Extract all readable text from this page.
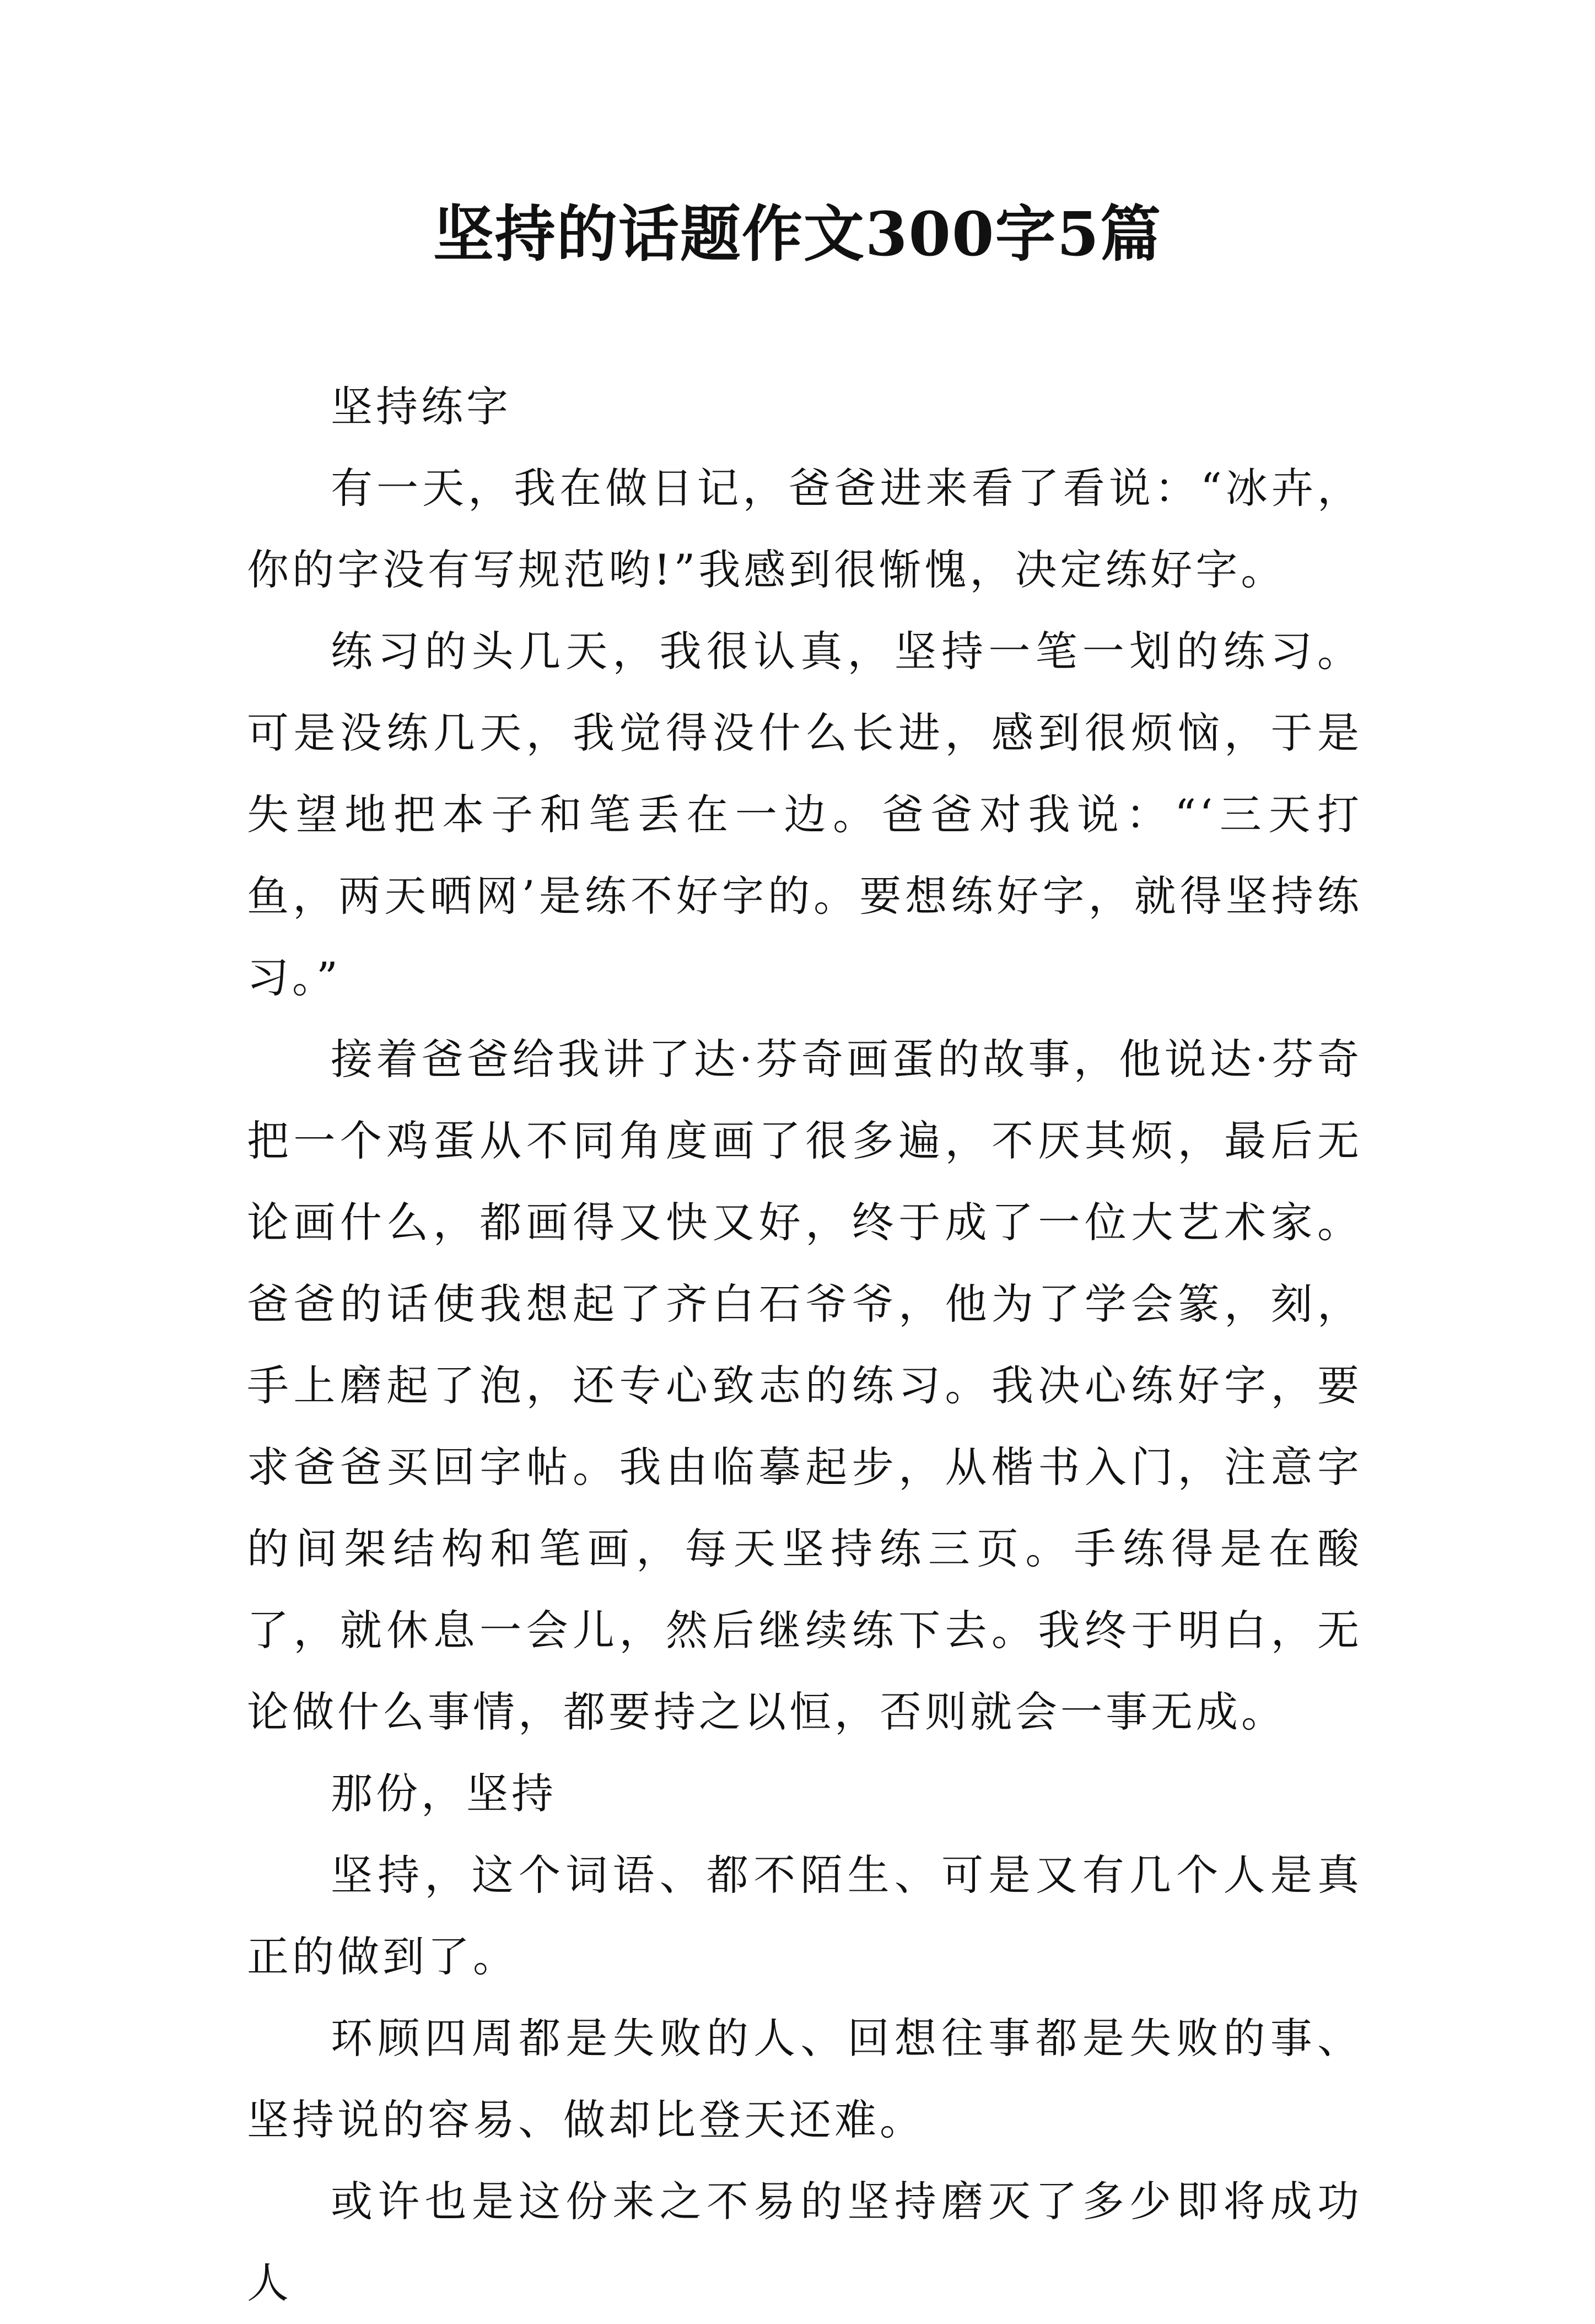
坚持的话题作文300字5篇

坚持练字

有一天，我在做日记，爸爸进来看了看说：“冰卉，你的字没有写规范哟!”我感到很惭愧，决定练好字。

练习的头几天，我很认真，坚持一笔一划的练习。可是没练几天，我觉得没什么长进，感到很烦恼，于是失望地把本子和笔丢在一边。爸爸对我说：“‘三天打鱼，两天晒网’是练不好字的。要想练好字，就得坚持练习。”

接着爸爸给我讲了达·芬奇画蛋的故事，他说达·芬奇把一个鸡蛋从不同角度画了很多遍，不厌其烦，最后无论画什么，都画得又快又好，终于成了一位大艺术家。爸爸的话使我想起了齐白石爷爷，他为了学会篆，刻，手上磨起了泡，还专心致志的练习。我决心练好字，要求爸爸买回字帖。我由临摹起步，从楷书入门，注意字的间架结构和笔画，每天坚持练三页。手练得是在酸了，就休息一会儿，然后继续练下去。我终于明白，无论做什么事情，都要持之以恒，否则就会一事无成。

那份，坚持

坚持，这个词语、都不陌生、可是又有几个人是真正的做到了。

环顾四周都是失败的人、回想往事都是失败的事、坚持说的容易、做却比登天还难。

或许也是这份来之不易的坚持磨灭了多少即将成功人
